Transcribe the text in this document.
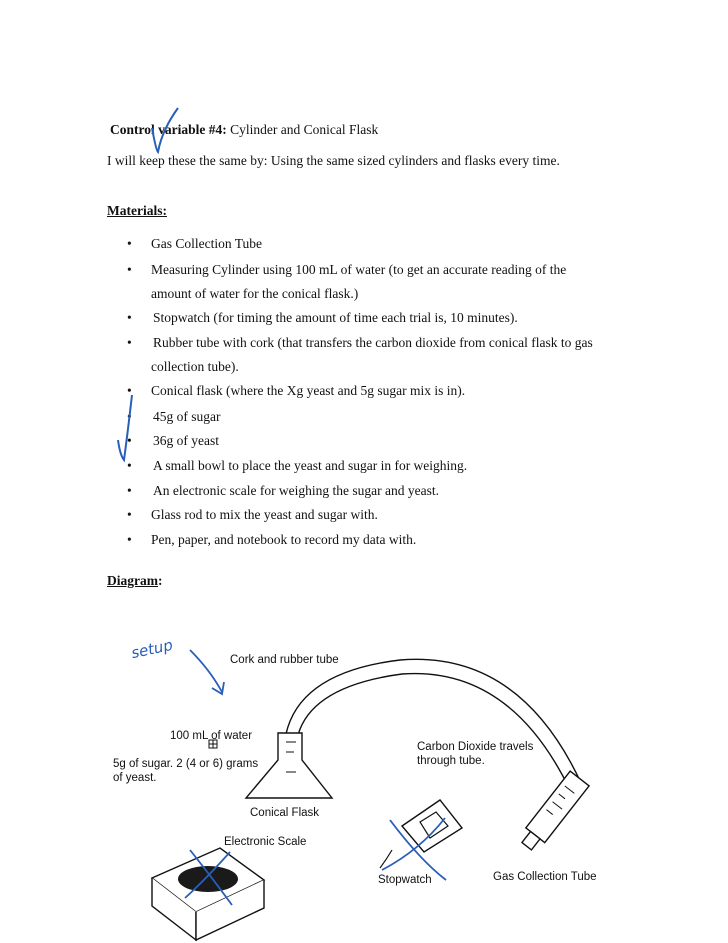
Control variable #4: Cylinder and Conical Flask
I will keep these the same by: Using the same sized cylinders and flasks every time.
Materials:
• Gas Collection Tube
• Measuring Cylinder using 100 mL of water (to get an accurate reading of the
amount of water for the conical flask.)
• Stopwatch (for timing the amount of time each trial is, 10 minutes).
• Rubber tube with cork (that transfers the carbon dioxide from conical flask to gas
collection tube).
• Conical flask (where the Xg yeast and 5g sugar mix is in).
• 45g of sugar
• 36g of yeast
• A small bowl to place the yeast and sugar in for weighing.
• An electronic scale for weighing the sugar and yeast.
• Glass rod to mix the yeast and sugar with.
• Pen, paper, and notebook to record my data with.
Diagram:
setup	Cork and rubber tube
100 mL of water
5g of sugar. 2 (4 or 6) grams
of yeast.
Carbon Dioxide travels
through tube.
Conical Flask
Electronic Scale
Stopwatch	Gas Collection Tube
